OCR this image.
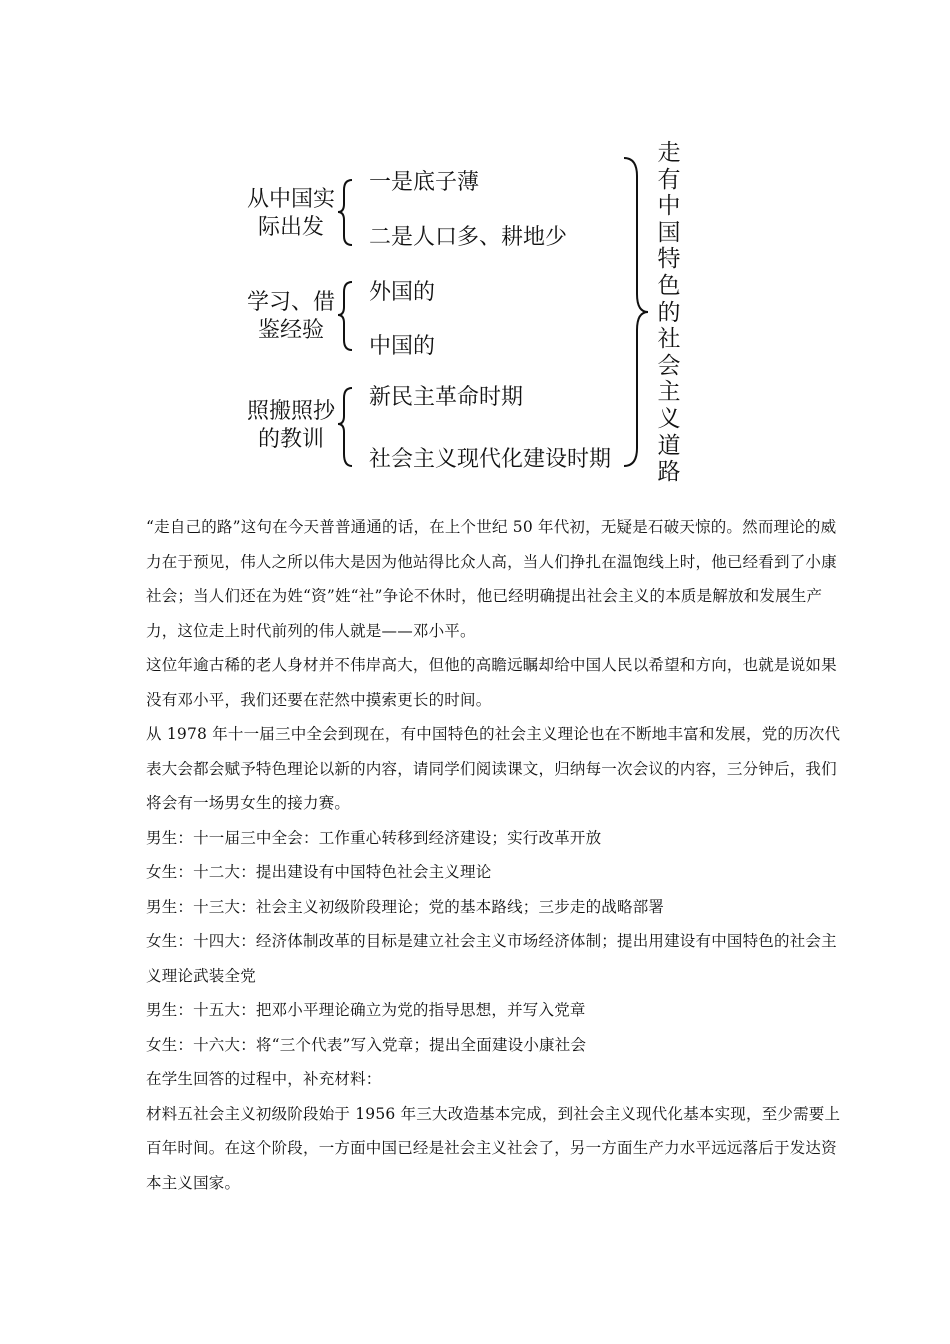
从中国实
际出发
一是底子薄
二是人口多、耕地少
学习、借
鉴经验
外国的
中国的
照搬照抄
的教训
新民主革命时期
社会主义现代化建设时期
走
有
中
国
特
色
的
社
会
主
义
道
路

“走自己的路”这句在今天普普通通的话，在上个世纪 50 年代初，无疑是石破天惊的。然而理论的威力在于预见，伟人之所以伟大是因为他站得比众人高，当人们挣扎在温饱线上时，他已经看到了小康社会；当人们还在为姓“资”姓“社”争论不休时，他已经明确提出社会主义的本质是解放和发展生产力，这位走上时代前列的伟人就是——邓小平。

这位年逾古稀的老人身材并不伟岸高大，但他的高瞻远瞩却给中国人民以希望和方向，也就是说如果没有邓小平，我们还要在茫然中摸索更长的时间。

从 1978 年十一届三中全会到现在，有中国特色的社会主义理论也在不断地丰富和发展，党的历次代表大会都会赋予特色理论以新的内容，请同学们阅读课文，归纳每一次会议的内容，三分钟后，我们将会有一场男女生的接力赛。

男生：十一届三中全会：工作重心转移到经济建设；实行改革开放

女生：十二大：提出建设有中国特色社会主义理论

男生：十三大：社会主义初级阶段理论；党的基本路线；三步走的战略部署

女生：十四大：经济体制改革的目标是建立社会主义市场经济体制；提出用建设有中国特色的社会主义理论武装全党

男生：十五大：把邓小平理论确立为党的指导思想，并写入党章

女生：十六大：将“三个代表”写入党章；提出全面建设小康社会

在学生回答的过程中，补充材料：

材料五社会主义初级阶段始于 1956 年三大改造基本完成，到社会主义现代化基本实现，至少需要上百年时间。在这个阶段，一方面中国已经是社会主义社会了，另一方面生产力水平远远落后于发达资本主义国家。
